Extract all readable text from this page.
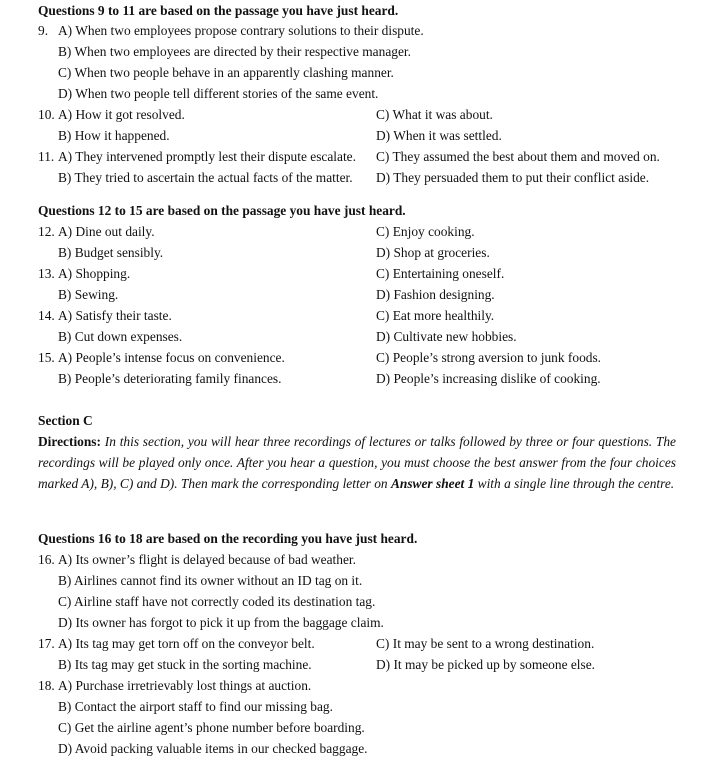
Questions 9 to 11 are based on the passage you have just heard.
9. A) When two employees propose contrary solutions to their dispute.
B) When two employees are directed by their respective manager.
C) When two people behave in an apparently clashing manner.
D) When two people tell different stories of the same event.
10. A) How it got resolved.	C) What it was about.
B) How it happened.	D) When it was settled.
11. A) They intervened promptly lest their dispute escalate. C) They assumed the best about them and moved on.
B) They tried to ascertain the actual facts of the matter. D) They persuaded them to put their conflict aside.
Questions 12 to 15 are based on the passage you have just heard.
12. A) Dine out daily.	C) Enjoy cooking.
B) Budget sensibly.	D) Shop at groceries.
13. A) Shopping.	C) Entertaining oneself.
B) Sewing.	D) Fashion designing.
14. A) Satisfy their taste.	C) Eat more healthily.
B) Cut down expenses.	D) Cultivate new hobbies.
15. A) People’s intense focus on convenience.	C) People’s strong aversion to junk foods.
B) People’s deteriorating family finances.	D) People’s increasing dislike of cooking.
Section C
Directions: In this section, you will hear three recordings of lectures or talks followed by three or four questions. The recordings will be played only once. After you hear a question, you must choose the best answer from the four choices marked A), B), C) and D). Then mark the corresponding letter on Answer sheet 1 with a single line through the centre.
Questions 16 to 18 are based on the recording you have just heard.
16. A) Its owner’s flight is delayed because of bad weather.
B) Airlines cannot find its owner without an ID tag on it.
C) Airline staff have not correctly coded its destination tag.
D) Its owner has forgot to pick it up from the baggage claim.
17. A) Its tag may get torn off on the conveyor belt.	C) It may be sent to a wrong destination.
B) Its tag may get stuck in the sorting machine.	D) It may be picked up by someone else.
18. A) Purchase irretrievably lost things at auction.
B) Contact the airport staff to find our missing bag.
C) Get the airline agent’s phone number before boarding.
D) Avoid packing valuable items in our checked baggage.
